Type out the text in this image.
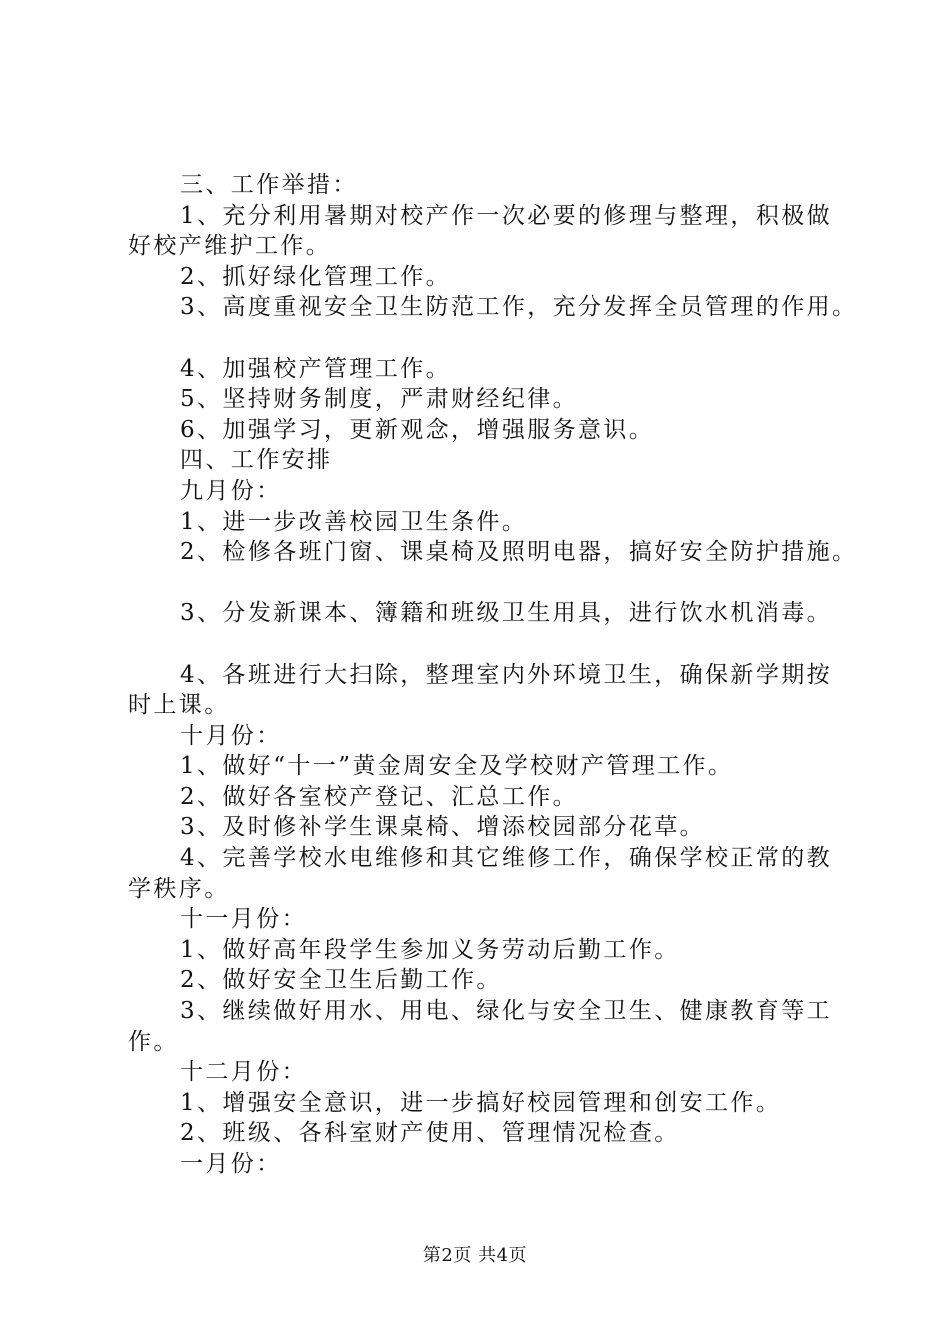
三、工作举措：
1、充分利用暑期对校产作一次必要的修理与整理，积极做
好校产维护工作。
2、抓好绿化管理工作。
3、高度重视安全卫生防范工作，充分发挥全员管理的作用。
4、加强校产管理工作。
5、坚持财务制度，严肃财经纪律。
6、加强学习，更新观念，增强服务意识。
四、工作安排
九月份：
1、进一步改善校园卫生条件。
2、检修各班门窗、课桌椅及照明电器，搞好安全防护措施。
3、分发新课本、簿籍和班级卫生用具，进行饮水机消毒。
4、各班进行大扫除，整理室内外环境卫生，确保新学期按
时上课。
十月份：
1、做好“十一”黄金周安全及学校财产管理工作。
2、做好各室校产登记、汇总工作。
3、及时修补学生课桌椅、增添校园部分花草。
4、完善学校水电维修和其它维修工作，确保学校正常的教
学秩序。
十一月份：
1、做好高年段学生参加义务劳动后勤工作。
2、做好安全卫生后勤工作。
3、继续做好用水、用电、绿化与安全卫生、健康教育等工
作。
十二月份：
1、增强安全意识，进一步搞好校园管理和创安工作。
2、班级、各科室财产使用、管理情况检查。
一月份：
第2页 共4页
